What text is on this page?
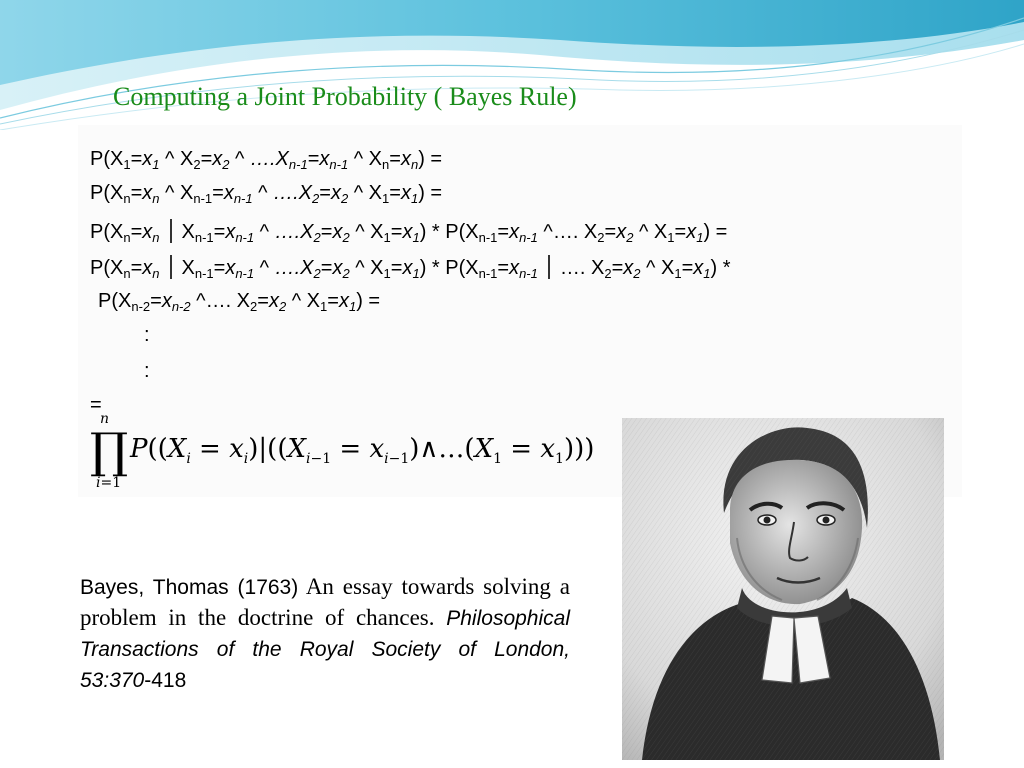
Computing a Joint Probability ( Bayes Rule)

$P(X_1=x_1$ ^ $X_2=x_2$ ^ $\dots.X_{n-1}=x_{n-1}$ ^ $X_n=x_n$) =

$P(X_n=x_n$ ^ $X_{n-1}=x_{n-1}$ ^ $\dots.X_2=x_2$ ^ $X_1=x_1$) =

$P(X_n=x_n$ $X_{n-1}=x_{n-1}$ ^ $\dots.X_2=x_2$ ^ $X_1=x_1) * P(X_{n-1}=x_{n-1}$ ^…. $X_2=x_2$ ^ $X_1=x_1$) =

$P(X_n=x_n$ $X_{n-1}=x_{n-1}$ ^ $\dots.X_2=x_2$ ^ $X_1=x_1) * P(X_{n-1}=x_{n-1}$ …. $X_2=x_2$ ^ $X_1=x_1$) *

$P(X_{n-2}=x_{n-2}$ ^…. $X_2=x_2$ ^ $X_1=x_1$) =

:

:

=

n
∏
i=1
$P((X_i = x_i)|((X_{i-1}$ = $x_{i-1})\wedge\dots(X_1 = x_1)$))

Bayes, Thomas (1763) An essay towards solving a problem in the doctrine of chances. Philosophical Transactions of the Royal Society of London, 53:370-418
